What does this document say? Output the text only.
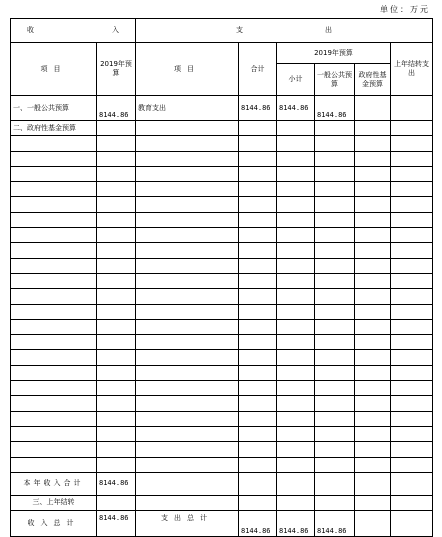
单位：万元
收 入		支 出					

项目	2019年预算	项目	合计	2019年预算			上年结转支出
				小计	一般公共预算	政府性基金预算	
一、一般公共预算	8144.86	教育支出	8144.86	8144.86	8144.86		
二、政府性基金预算							

本年收入合计	8144.86						
三、上年结转							
收入总计	8144.86	支出总计	8144.86	8144.86	8144.86		
